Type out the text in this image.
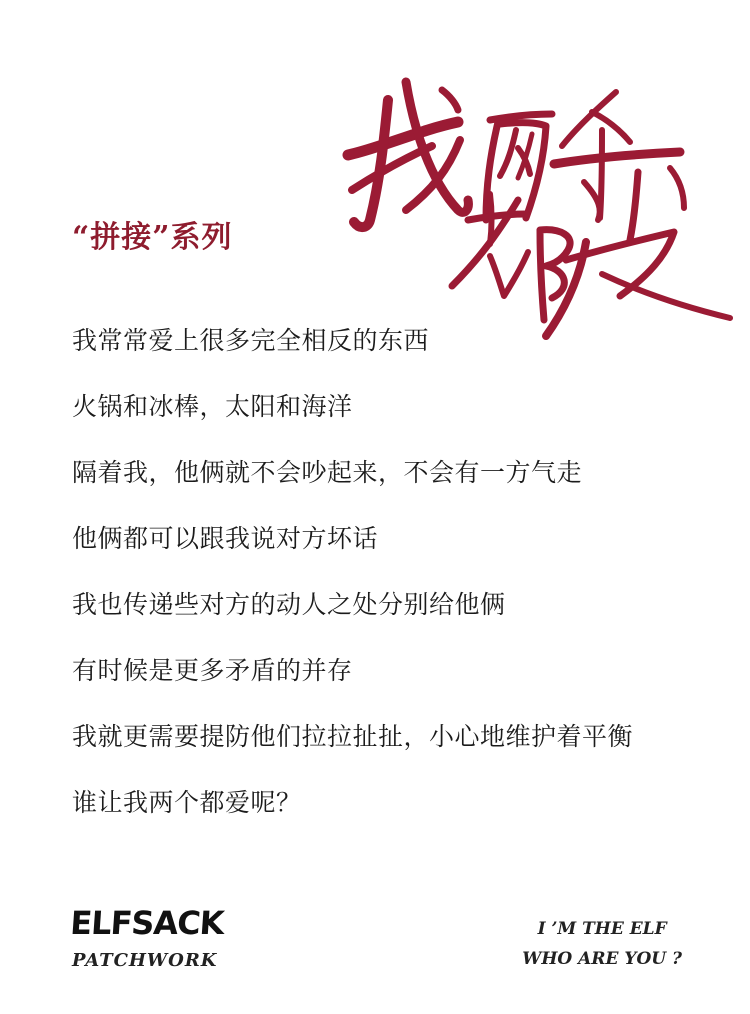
“拼接”系列
我常常爱上很多完全相反的东西
火锅和冰棒，太阳和海洋
隔着我，他俩就不会吵起来，不会有一方气走
他俩都可以跟我说对方坏话
我也传递些对方的动人之处分别给他俩
有时候是更多矛盾的并存
我就更需要提防他们拉拉扯扯，小心地维护着平衡
谁让我两个都爱呢？
ELFSACK
PATCHWORK
I ’M THE ELF
WHO ARE YOU ?
